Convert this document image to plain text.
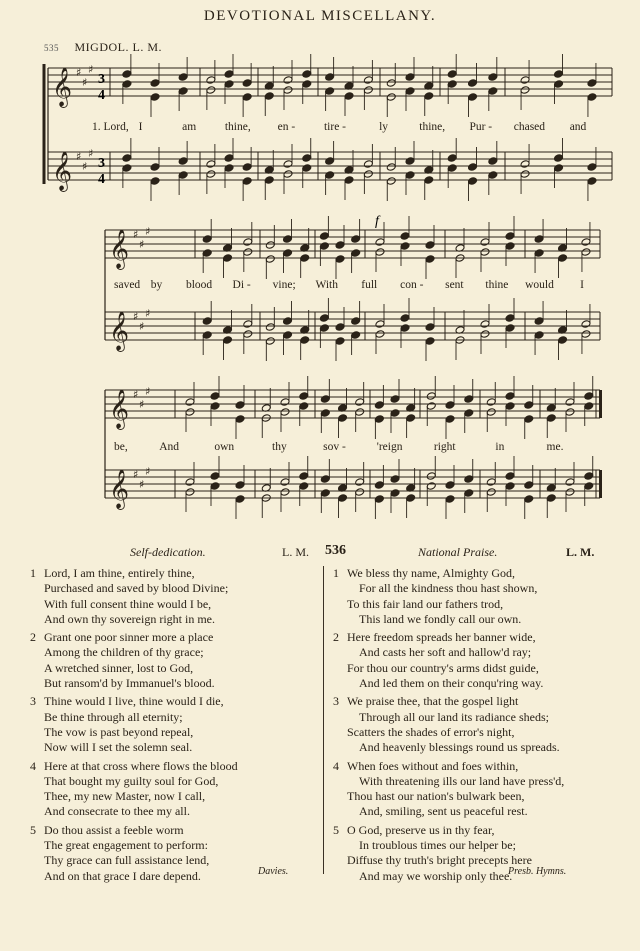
DEVOTIONAL MISCELLANY.
535 MIGDOL. L. M.
𝄞
𝄞
♯
♯
♯
♯
♯
♯
𝄞
𝄞
♯
♯
♯
♯
♯
♯
𝄞
𝄞
♯
♯
♯
♯
♯
♯
1. Lord, I	am thine, en -	tire -	ly	thine, Pur - chased and
saved by blood Di - vine; With full con - sent thine would I
be,	And	own	thy	sov -	'reign	right	in	me.
f
3
4
3
4
Self-dedication.	L. M. 536	National Praise.	L. M.
1 Lord, I am thine, entirely thine,
Purchased and saved by blood Divine;
With full consent thine would I be,
And own thy sovereign right in me.
2 Grant one poor sinner more a place
Among the children of thy grace;
A wretched sinner, lost to God,
But ransom'd by Immanuel's blood.
3 Thine would I live, thine would I die,
Be thine through all eternity;
The vow is past beyond repeal,
Now will I set the solemn seal.
4 Here at that cross where flows the blood
That bought my guilty soul for God,
Thee, my new Master, now I call,
And consecrate to thee my all.
5 Do thou assist a feeble worm
The great engagement to perform:
Thy grace can full assistance lend,
And on that grace I dare depend.
1 We bless thy name, Almighty God,
For all the kindness thou hast shown,
To this fair land our fathers trod,
This land we fondly call our own.
2 Here freedom spreads her banner wide,
And casts her soft and hallow'd ray;
For thou our country's arms didst guide,
And led them on their conqu'ring way.
3 We praise thee, that the gospel light
Through all our land its radiance sheds;
Scatters the shades of error's night,
And heavenly blessings round us spreads.
4 When foes without and foes within,
With threatening ills our land have press'd,
Thou hast our nation's bulwark been,
And, smiling, sent us peaceful rest.
5 O God, preserve us in thy fear,
In troublous times our helper be;
Diffuse thy truth's bright precepts here
And may we worship only thee.
Davies.	Presb. Hymns.
